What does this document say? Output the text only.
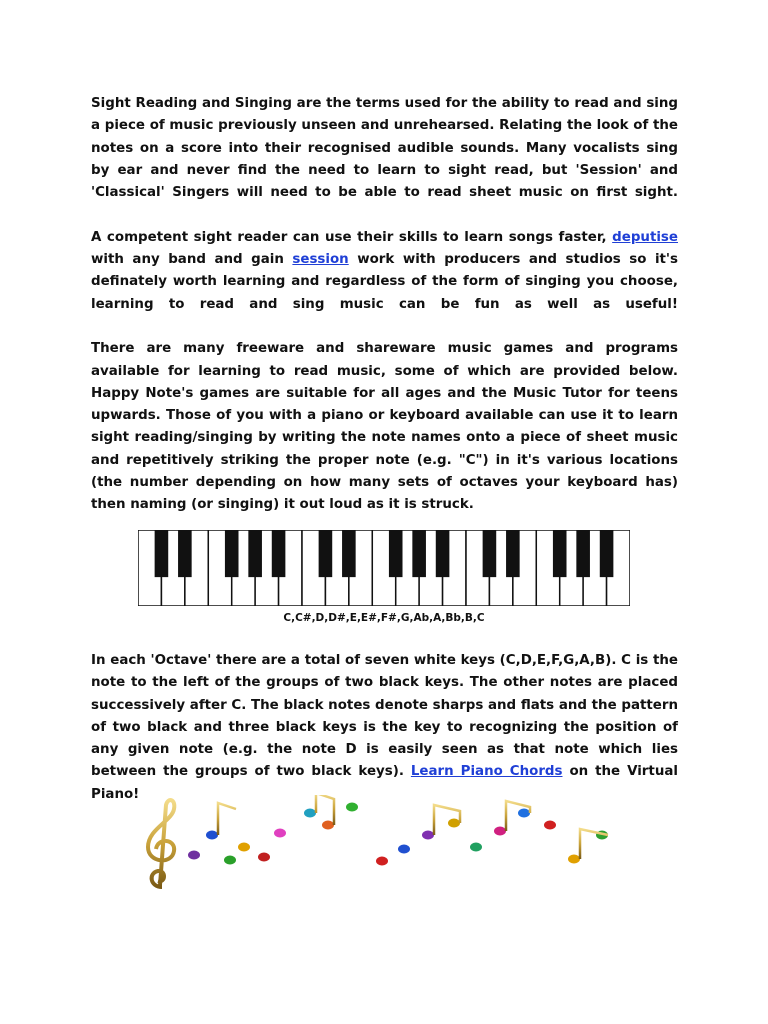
Sight Reading and Singing are the terms used for the ability to read and sing a piece of music previously unseen and unrehearsed. Relating the look of the notes on a score into their recognised audible sounds. Many vocalists sing by ear and never find the need to learn to sight read, but 'Session' and 'Classical' Singers will need to be able to read sheet music on first sight.

A competent sight reader can use their skills to learn songs faster, deputise with any band and gain session work with producers and studios so it's definately worth learning and regardless of the form of singing you choose, learning to read and sing music can be fun as well as useful!

There are many freeware and shareware music games and programs available for learning to read music, some of which are provided below. Happy Note's games are suitable for all ages and the Music Tutor for teens upwards. Those of you with a piano or keyboard available can use it to learn sight reading/singing by writing the note names onto a piece of sheet music and repetitively striking the proper note (e.g. "C") in it's various locations (the number depending on how many sets of octaves your keyboard has) then naming (or singing) it out loud as it is struck.

C,C#,D,D#,E,E#,F#,G,Ab,A,Bb,B,C

In each 'Octave' there are a total of seven white keys (C,D,E,F,G,A,B). C is the note to the left of the groups of two black keys. The other notes are placed successively after C. The black notes denote sharps and flats and the pattern of two black and three black keys is the key to recognizing the position of any given note (e.g. the note D is easily seen as that note which lies between the groups of two black keys). Learn Piano Chords on the Virtual Piano!
